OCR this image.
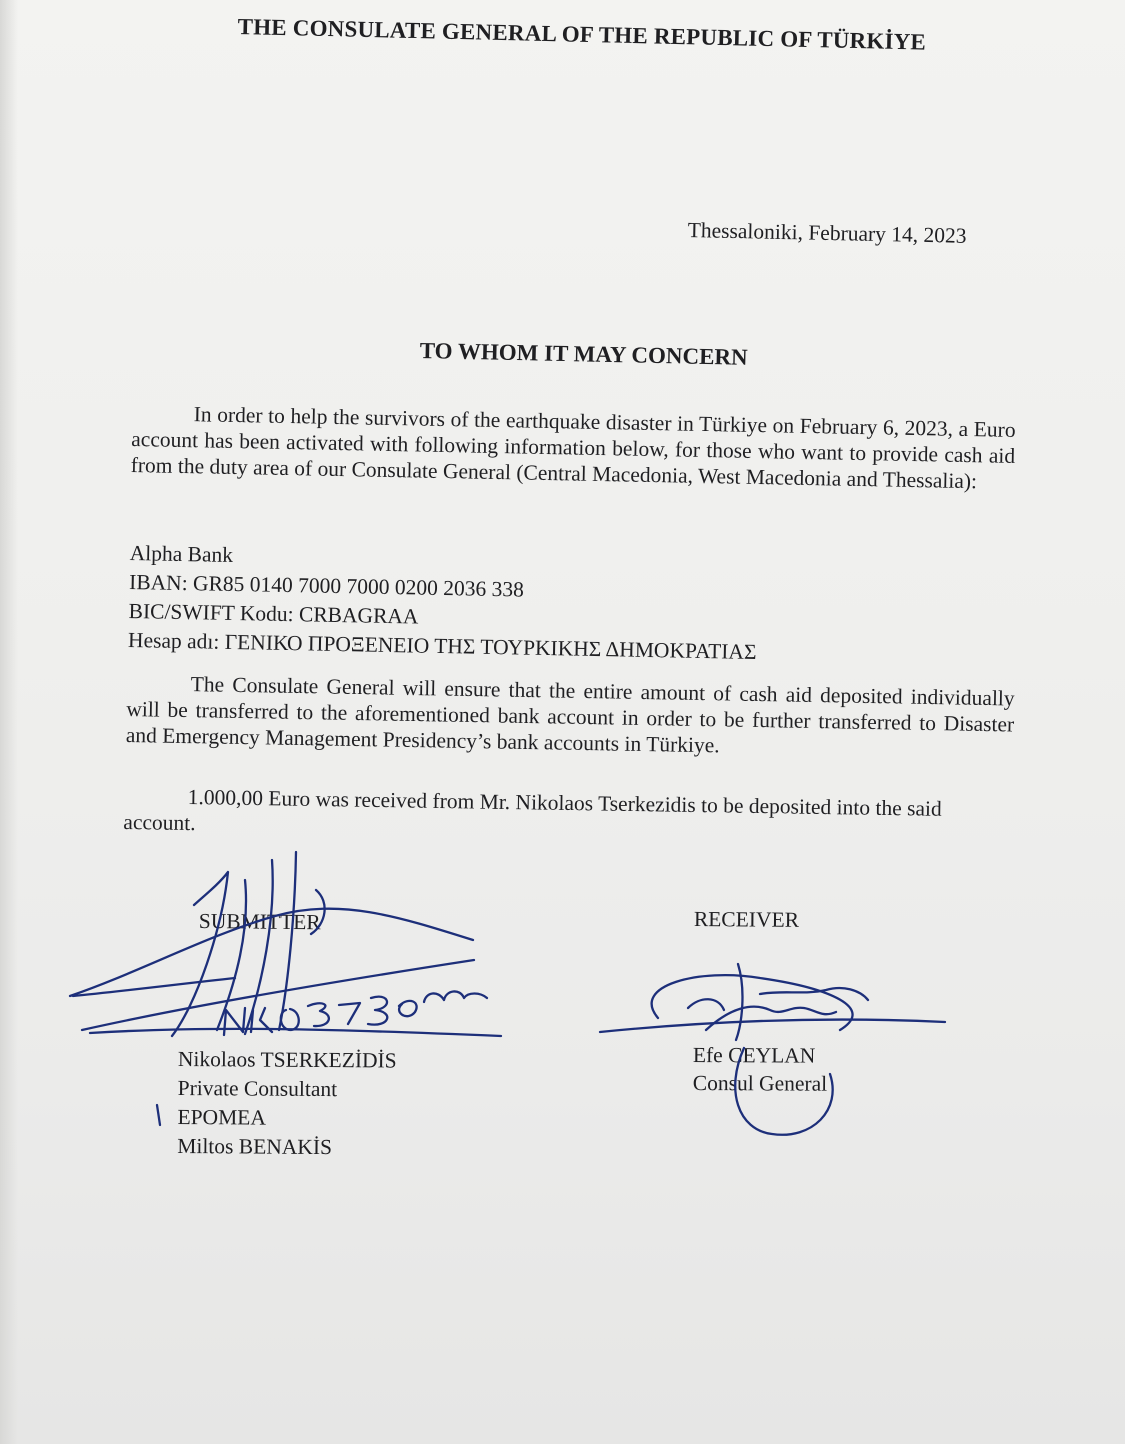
THE CONSULATE GENERAL OF THE REPUBLIC OF TÜRKİYE
Thessaloniki, February 14, 2023
TO WHOM IT MAY CONCERN

In order to help the survivors of the earthquake disaster in Türkiye on February 6, 2023, a Euro account has been activated with following information below, for those who want to provide cash aid from the duty area of our Consulate General (Central Macedonia, West Macedonia and Thessalia):

Alpha Bank
IBAN: GR85 0140 7000 7000 0200 2036 338
BIC/SWIFT Kodu: CRBAGRAA
Hesap adı: ΓΕΝΙΚΟ ΠΡΟΞΕΝΕΙΟ ΤΗΣ ΤΟΥΡΚΙΚΗΣ ΔΗΜΟΚΡΑΤΙΑΣ

The Consulate General will ensure that the entire amount of cash aid deposited individually will be transferred to the aforementioned bank account in order to be further transferred to Disaster and Emergency Management Presidency’s bank accounts in Türkiye.

1.000,00 Euro was received from Mr. Nikolaos Tserkezidis to be deposited into the said account.

SUBMITTER	RECEIVER
Nikolaos TSERKEZİDİS
Private Consultant
EPOMEA
Miltos BENAKİS
Efe CEYLAN
Consul General
